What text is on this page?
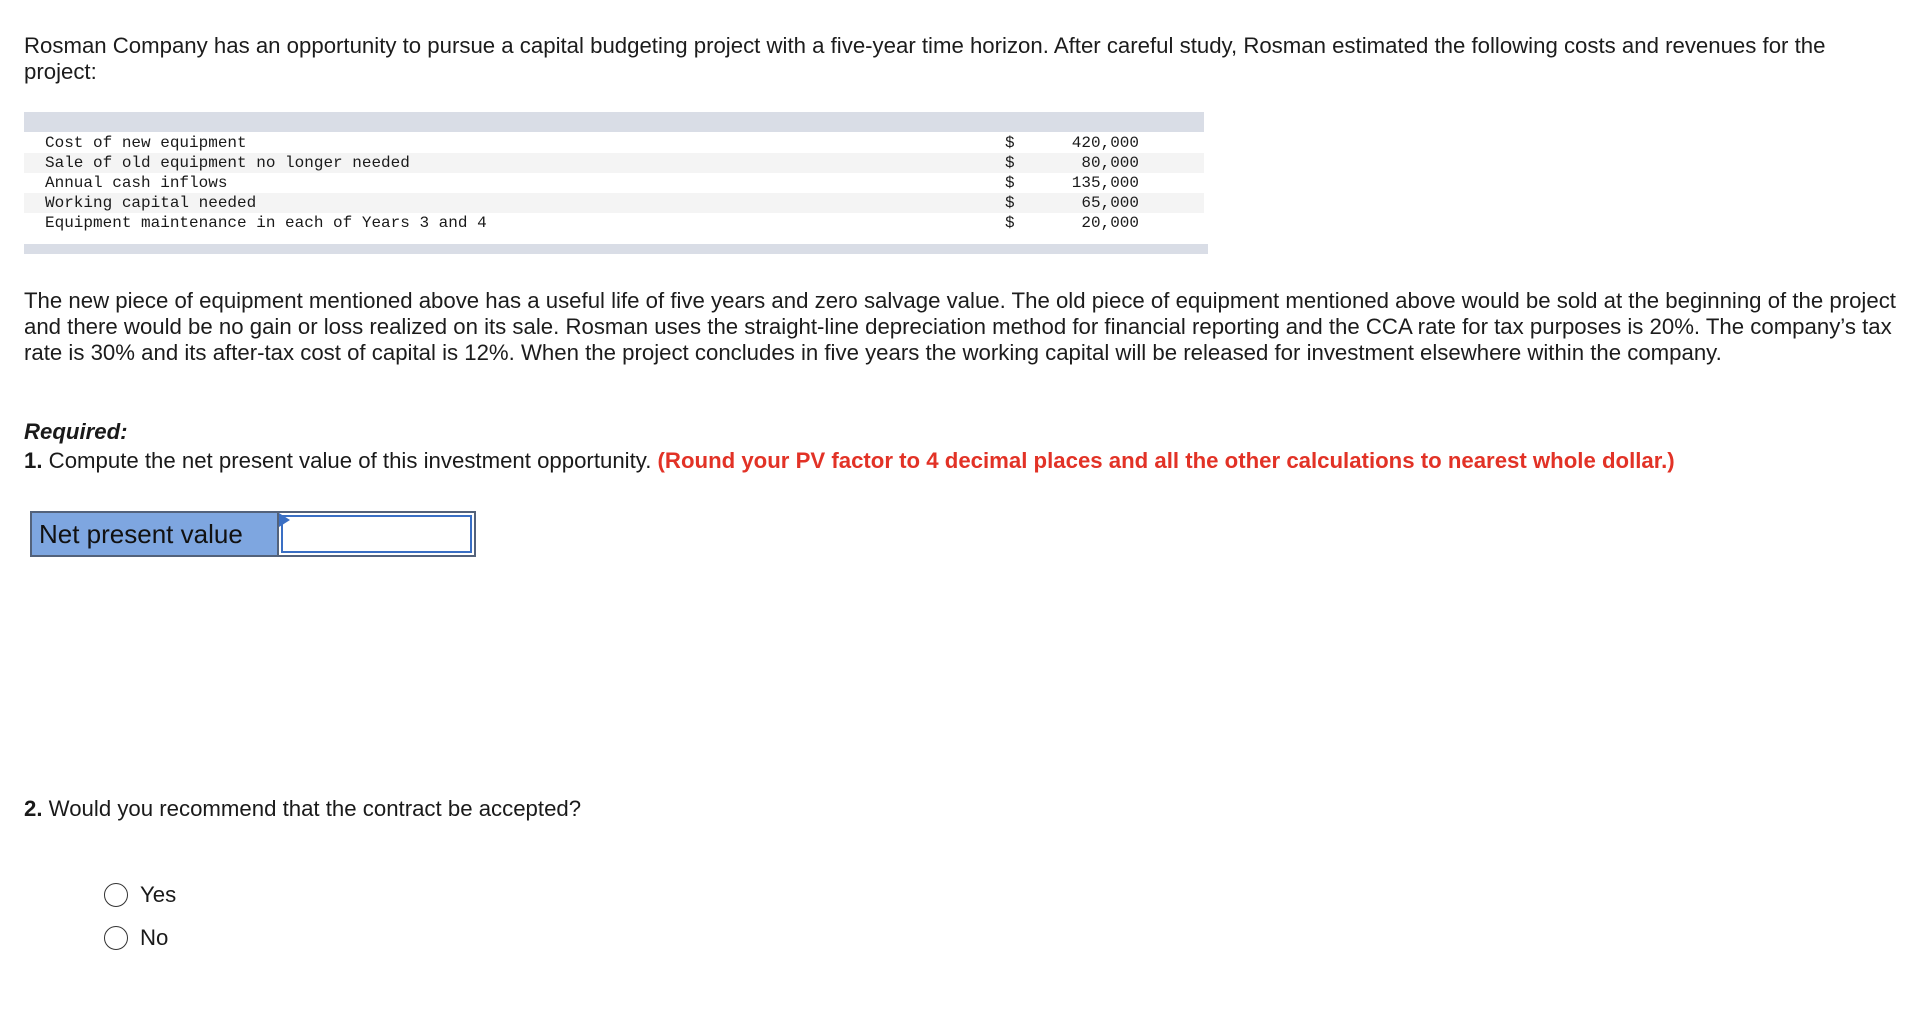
Rosman Company has an opportunity to pursue a capital budgeting project with a five-year time horizon. After careful study, Rosman estimated the following costs and revenues for the project:

Cost of new equipment	$	420,000	
Sale of old equipment no longer needed	$	80,000	
Annual cash inflows	$	135,000	
Working capital needed	$	65,000	
Equipment maintenance in each of Years 3 and 4	$	20,000	

The new piece of equipment mentioned above has a useful life of five years and zero salvage value. The old piece of equipment mentioned above would be sold at the beginning of the project and there would be no gain or loss realized on its sale. Rosman uses the straight-line depreciation method for financial reporting and the CCA rate for tax purposes is 20%. The company’s tax rate is 30% and its after-tax cost of capital is 12%. When the project concludes in five years the working capital will be released for investment elsewhere within the company.

Required:
1. Compute the net present value of this investment opportunity. (Round your PV factor to 4 decimal places and all the other calculations to nearest whole dollar.)
Net present value
2. Would you recommend that the contract be accepted?
Yes
No
